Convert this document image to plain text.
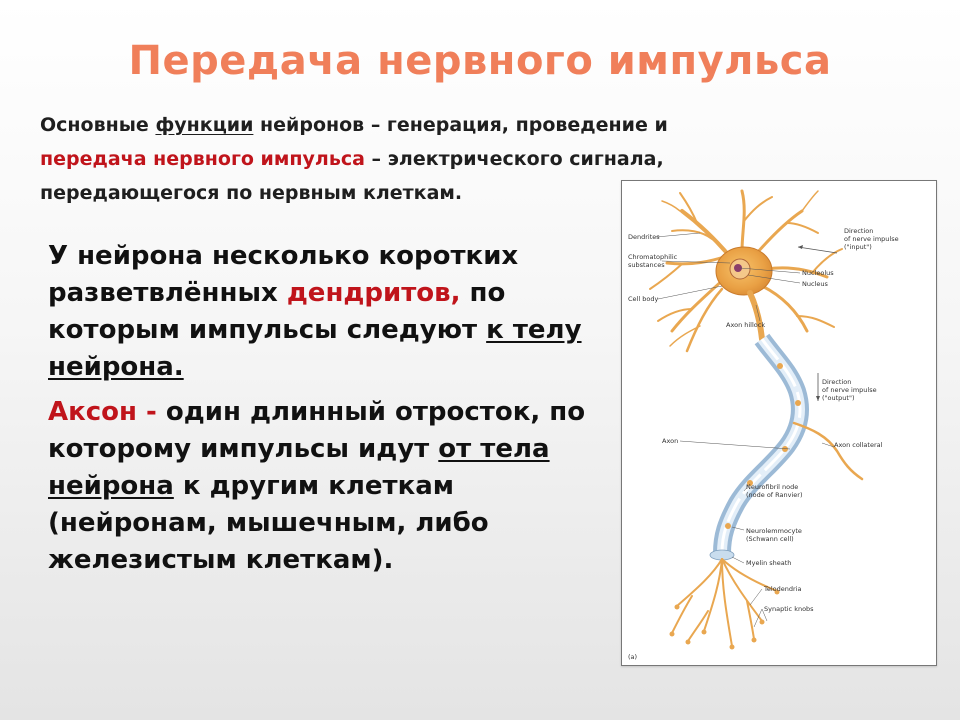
Передача нервного импульса
Основные функции нейронов – генерация, проведение и
передача нервного импульса – электрического сигнала,
передающегося по нервным клеткам.

У нейрона несколько коротких разветвлённых дендритов, по которым импульсы следуют к телу нейрона.

Аксон - один длинный отросток, по которому импульсы идут от тела нейрона к другим клеткам (нейронам, мышечным, либо железистым клеткам).

Dendrites
Chromatophilic
substances
Cell body
Direction
of nerve impulse
("input")
Nucleolus
Nucleus
Axon hillock
Direction
of nerve impulse
("output")
Axon	Axon collateral
Neurofibril node
(node of Ranvier)
Neurolemmocyte
(Schwann cell)
Myelin sheath
Telodendria
Synaptic knobs
(a)
